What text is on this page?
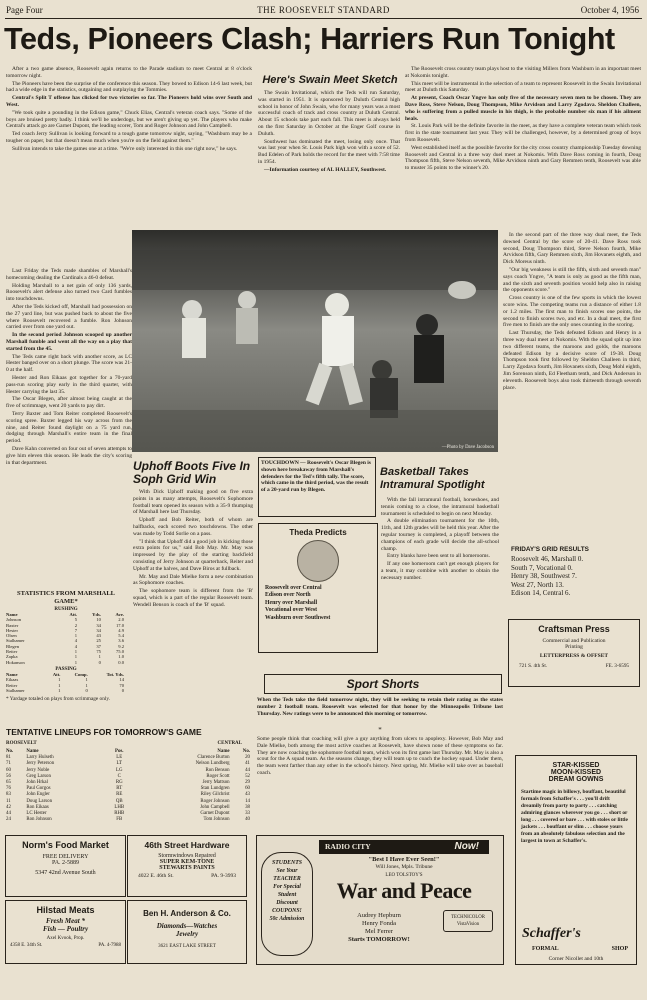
Page Four	THE ROOSEVELT STANDARD	October 4, 1956
Teds, Pioneers Clash; Harriers Run Tonight

After a two game absence, Roosevelt again returns to the Parade stadium to meet Central at 8 o'clock tomorrow night.

The Pioneers have been the surprise of the conference this season. They bowed to Edison 14-6 last week, but had a wide edge in the statistics, outgaining and outplaying the Tommies.

Central's Split T offense has clicked for two victories so far. The Pioneers hold wins over South and West.

"We took quite a pounding in the Edison game," Chuck Elias, Central's veteran coach says. "Some of the boys are bruised pretty badly. I think we'll be underdogs, but we aren't giving up yet. The players who make Central's attack go are Garnet Dupont, the leading scorer, Tom and Roger Johnson and John Campbell.

Ted coach Jerry Sullivan is looking forward to a tough game tomorrow night, saying, "Washburn may be a tougher on paper, but that doesn't mean much when you're on the field against them."

Sullivan intends to take the games one at a time. "We're only interested in this one right now," he says.

Last Friday the Teds made shambles of Marshall's homecoming dealing the Cardinals a 46-0 defeat.

Holding Marshall to a net gain of only 136 yards, Roosevelt's alert defense also turned two Card fumbles into touchdowns.

After the Teds kicked off, Marshall had possession on the 27 yard line, but was pushed back to about the five where Roosevelt recovered a fumble. Ron Johnson carried over from one yard out.

In the second period Johnson scooped up another Marshall fumble and went all the way on a play that started from the 45.

The Teds came right back with another score, as LC Hester banged over on a short plunge. The score was 21-0 at the half.

Hester and Ron Eikaas got together for a 70-yard pass-run scoring play early in the third quarter, with Hester carrying the last 35.

The Oscar Blegen, after almost being caught at the five of scrimmage, went 20 yards to pay dirt.

Terry Baxter and Tom Reiter completed Roosevelt's scoring spree. Baxter legged his way across from the nine, and Reiter found daylight on a 75 yard run, dodging through Marshall's entire team in the final period.

Dave Kahn converted on four out of seven attempts to give him eleven this season. He leads the city's scoring in that department.

STATISTICS FROM MARSHALL GAME*
RUSHING
Name	Att.	Yds.	Ave.
Johnson	5	10	2.0
Baxter	2	34	17.0
Hester	7	34	4.9
Olsen	1	43	5.4
Stalhamer	4	25	3.6
Blegen	4	37	9.2
Reiter	1	75	75.0
Zapka	1	1	1.0
Hokanson	1	0	0.0
PASSING
Name	Att.	Comp.	Tot. Yds.
Eikaas	1	1	14
Reiter	1	1	70
Stalhamer	1	0	0
* Yardage totaled on plays from scrimmage only.
Here's Swain Meet Sketch

The Swain Invitational, which the Teds will run Saturday, was started in 1951. It is sponsored by Duluth Central high school in honor of John Swain, who for many years was a most successful coach of track and cross country at Duluth Central. About 15 schools take part each fall. This meet is always held on the first Saturday in October at the Enger Golf course in Duluth.

Southwest has dominated the meet, losing only once. That was last year when St. Louis Park high won with a score of 52. Bud Edelen of Park holds the record for the meet with 7:58 time in 1954.

—Information courtesy of AL HALLEY, Southwest.

The Roosevelt cross country team plays host to the visiting Millers from Washburn in an important meet at Nokomis tonight.

This meet will be instrumental in the selection of a team to represent Roosevelt in the Swain Invitational meet at Duluth this Saturday.

At present, Coach Oscar Yngve has only five of the necessary seven men to be chosen. They are Dave Ross, Steve Nelson, Doug Thompson, Mike Arvidson and Larry Zgodava. Sheldon Challeen, who is suffering from a pulled muscle in his thigh, is the probable number six man if his ailment heals.

St. Louis Park will be the definite favorite in the meet, as they have a complete veteran team which took first in the state tournament last year. They will be challenged, however, by a determined group of boys from Roosevelt.

West established itself as the possible favorite for the city cross country championship Tuesday downing Roosevelt and Central in a three way duel meet at Nokomis. With Dave Ross coming in fourth, Doug Thompson fifth, Steve Nelson seventh, Mike Arvidson ninth and Gary Remmen tenth, Roosevelt was able to muster 35 points to the winner's 20.

In the second part of the three way dual meet, the Teds downed Central by the score of 20-41. Dave Ross took second, Doug Thompson third, Steve Nelson fourth, Mike Arvidson fifth, Gary Remmen sixth, Jim Hovanets eighth, and Dick Moreus ninth.

"Our big weakness is still the fifth, sixth and seventh man" says coach Yngve, "A team is only as good as the fifth man, and the sixth and seventh position would help also in raising the opponents score."

Cross country is one of the few sports in which the lowest score wins. The competing teams run a distance of either 1.8 or 1.2 miles. The first man to finish scores one points, the second to finish scores two, and etc. In a dual meet, the first five men to finish are the only ones counting in the scoring.

Last Thursday, the Teds defeated Edison and Henry in a three way dual meet at Nokomis. With the squad split up into two different teams, the maroons and golds, the maroons defeated Edison by a decisive score of 19-38. Doug Thompson took first followed by Sheldon Challeen in third, Larry Zgodava fourth, Jim Hovanets sixth, Doug Mohl eighth, Jim Sorenson ninth, Ed Fleetham tenth, and Dick Anderson in eleventh. Roosevelt boys also took thirteenth through seventh place.

—Photo by Dave Jacobson
Uphoff Boots Five In Soph Grid Win

With Dick Uphoff making good on five extra points in as many attempts, Roosevelt's Sophomore football team opened its season with a 35-9 thumping of Marshall here last Thursday.

Uphoff and Bob Reiter, both of whom are halfbacks, each scored two touchdowns. The other was made by Todd Sorlie on a pass.

"I think that Uphoff did a good job in kicking those extra points for us," said Bob May. Mr. May was impressed by the play of the starting backfield consisting of Jerry Johnson at quarterback, Reiter and Uphoff at the halves, and Dave Biros at fullback.

Mr. May and Dale Mielke form a new combination as Sophomore coaches.

The sophomore team is different from the 'B' squad, which is a part of the regular Roosevelt team. Wendell Benson is coach of the 'B' squad.

TOUCHDOWN — Roosevelt's Oscar Blegen is shown here breakaway from Marshall's defenders for the Ted's fifth tally. The score, which came in the third period, was the result of a 20-yard run by Blegen.
Theda Predicts
Roosevelt over Central
Edison over North
Henry over Marshall
Vocational over West
Washburn over Southwest
Basketball Takes Intramural Spotlight

With the fall intramural football, horseshoes, and tennis coming to a close, the intramural basketball tournament is scheduled to begin on next Monday.

A double elimination tournament for the 10th, 11th, and 12th grades will be held this year. After the regular tourney is completed, a playoff between the champions of each grade will decide the all-school champ.

Entry blanks have been sent to all homerooms.

If any one homeroom can't get enough players for a team, it may combine with another to obtain the necessary number.

FRIDAY'S GRID RESULTS
Roosevelt 46, Marshall 0.
South 7, Vocational 0.
Henry 38, Southwest 7.
West 27, North 13.
Edison 14, Central 6.
Craftsman Press
Commercial and Publication
Printing
LETTERPRESS & OFFSET
721 S. 4th St.	FE. 3-6595
Sport Shorts
When the Teds take the field tomorrow night, they will be seeking to retain their rating as the states number 2 football team. Roosevelt was selected for that honor by the Minneapolis Tribune last Thursday. New ratings were to be announced this morning or tomorrow.
*
Some people think that coaching will give a guy anything from ulcers to apoplexy. However, Bob May and Dale Mielke, both among the most active coaches at Roosevelt, have shown none of these symptoms so far. They are now coaching the sophomore football team, which won its first game last Thursday. Mr. May is also a scout for the A squad team. As the seasons change, they will team up to coach the hockey squad. Under them, the team went farther than any other in the school's history. Next spring, Mr. Mielke will take over as baseball coach.
TENTATIVE LINEUPS FOR TOMORROW'S GAME
ROOSEVELT	CENTRAL
No.	Name	Pos.	Name	No.
81	Larry Hulseth	LE	Clarence Burton	20
71	Jerry Peterson	LT	Nelson Lundberg	41
60	Jerry Noble	LG	Ron Benson	44
56	Greg Larson	C	Roger Scott	52
65	John Hrkal	RG	Jerry Mattson	29
76	Paul Gorgos	RT	Stan Lundgren	60
83	John Engler	RE	Riley Gilchrist	43
11	Doug Larson	QB	Roger Johnson	14
42	Ron Eikaas	LHB	John Campbell	38
44	LC Hester	RHB	Garnet Dupont	33
24	Ron Johnson	FB	Tom Johnson	40
Norm's Food Market
FREE DELIVERY
PA. 2-5889
5347 42nd Avenue South
46th Street Hardware
Stormwindows Repaired
SUPER KEM-TONE
STEWARTS PAINTS
4022 E. 46th St.	PA. 9-3993
Hilstad Meats
Fresh Meat *
Fish — Poultry
Axel Kvook, Prop.
4358 E. 34th St.	PA. 4-7988
Ben H. Anderson & Co.
Diamonds—Watches
Jewelry
3621 EAST LAKE STREET
STUDENTS
See Your
TEACHER
For Special
Student
Discount
COUPONS!
50c Admission
RADIO CITY	Now!
"Best I Have Ever Seen!"
Will Jones, Mpls. Tribune
LEO TOLSTOY'S
War and Peace
Audrey Hepburn
Henry Fonda
Mel Ferrer
Starts TOMORROW!
TECHNICOLOR VistaVision
STAR-KISSED
MOON-KISSED
DREAM GOWNS
Startime magic in billowy, bouffant, beautiful formals from Schaffer's . . . you'll drift dreamily from party to party . . . catching admiring glances wherever you go . . . short or long . . . covered or bare . . . with stoles or little jackets . . . bouffant or slim . . . choose yours from an absolutely fabulous selection and the largest in town at Schaffer's.
Schaffer's
FORMAL	SHOP
Corner Nicollet and 10th
